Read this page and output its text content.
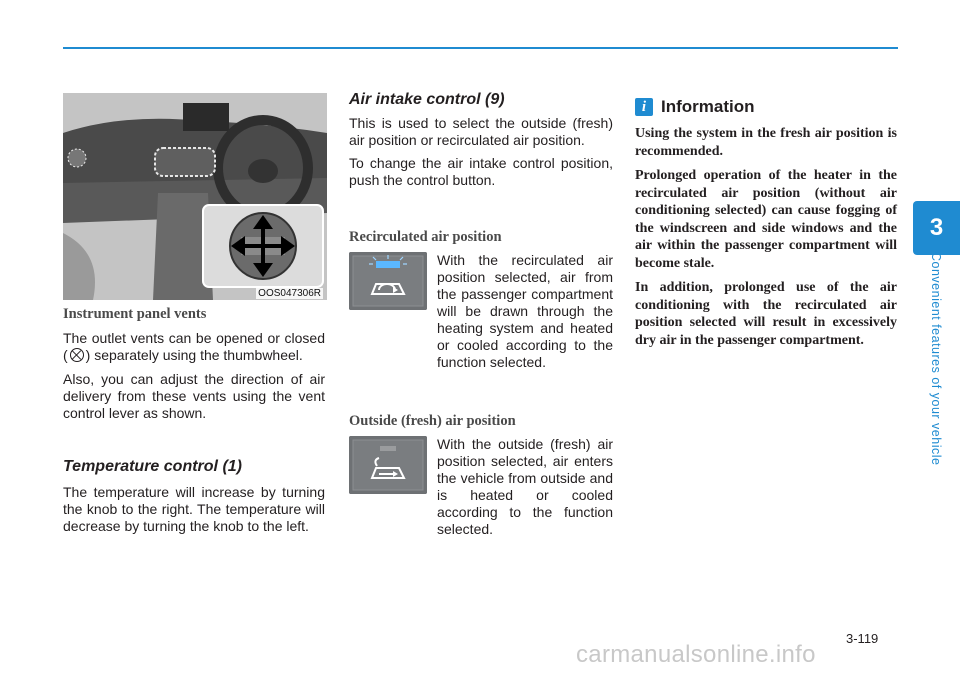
3
Convenient features of your vehicle
OOS047306R
Instrument panel vents

The outlet vents can be opened or closed ( ) separately using the thumbwheel.

Also, you can adjust the direction of air delivery from these vents using the vent control lever as shown.

Temperature control (1)

The temperature will increase by turning the knob to the right. The temperature will decrease by turning the knob to the left.

Air intake control (9)

This is used to select the outside (fresh) air position or recirculated air position.

To change the air intake control position, push the control button.

Recirculated air position

With the recirculated air position selected, air from the passenger compartment will be drawn through the heating system and heated or cooled according to the function selected.

Outside (fresh) air position

With the outside (fresh) air position selected, air enters the vehicle from outside and is heated or cooled according to the function selected.

i Information

Using the system in the fresh air position is recommended.

Prolonged operation of the heater in the recirculated air position (without air conditioning selected) can cause fogging of the windscreen and side windows and the air within the passenger compartment will become stale.

In addition, prolonged use of the air conditioning with the recirculated air position selected will result in excessively dry air in the passenger compartment.

3-119
carmanualsonline.info
